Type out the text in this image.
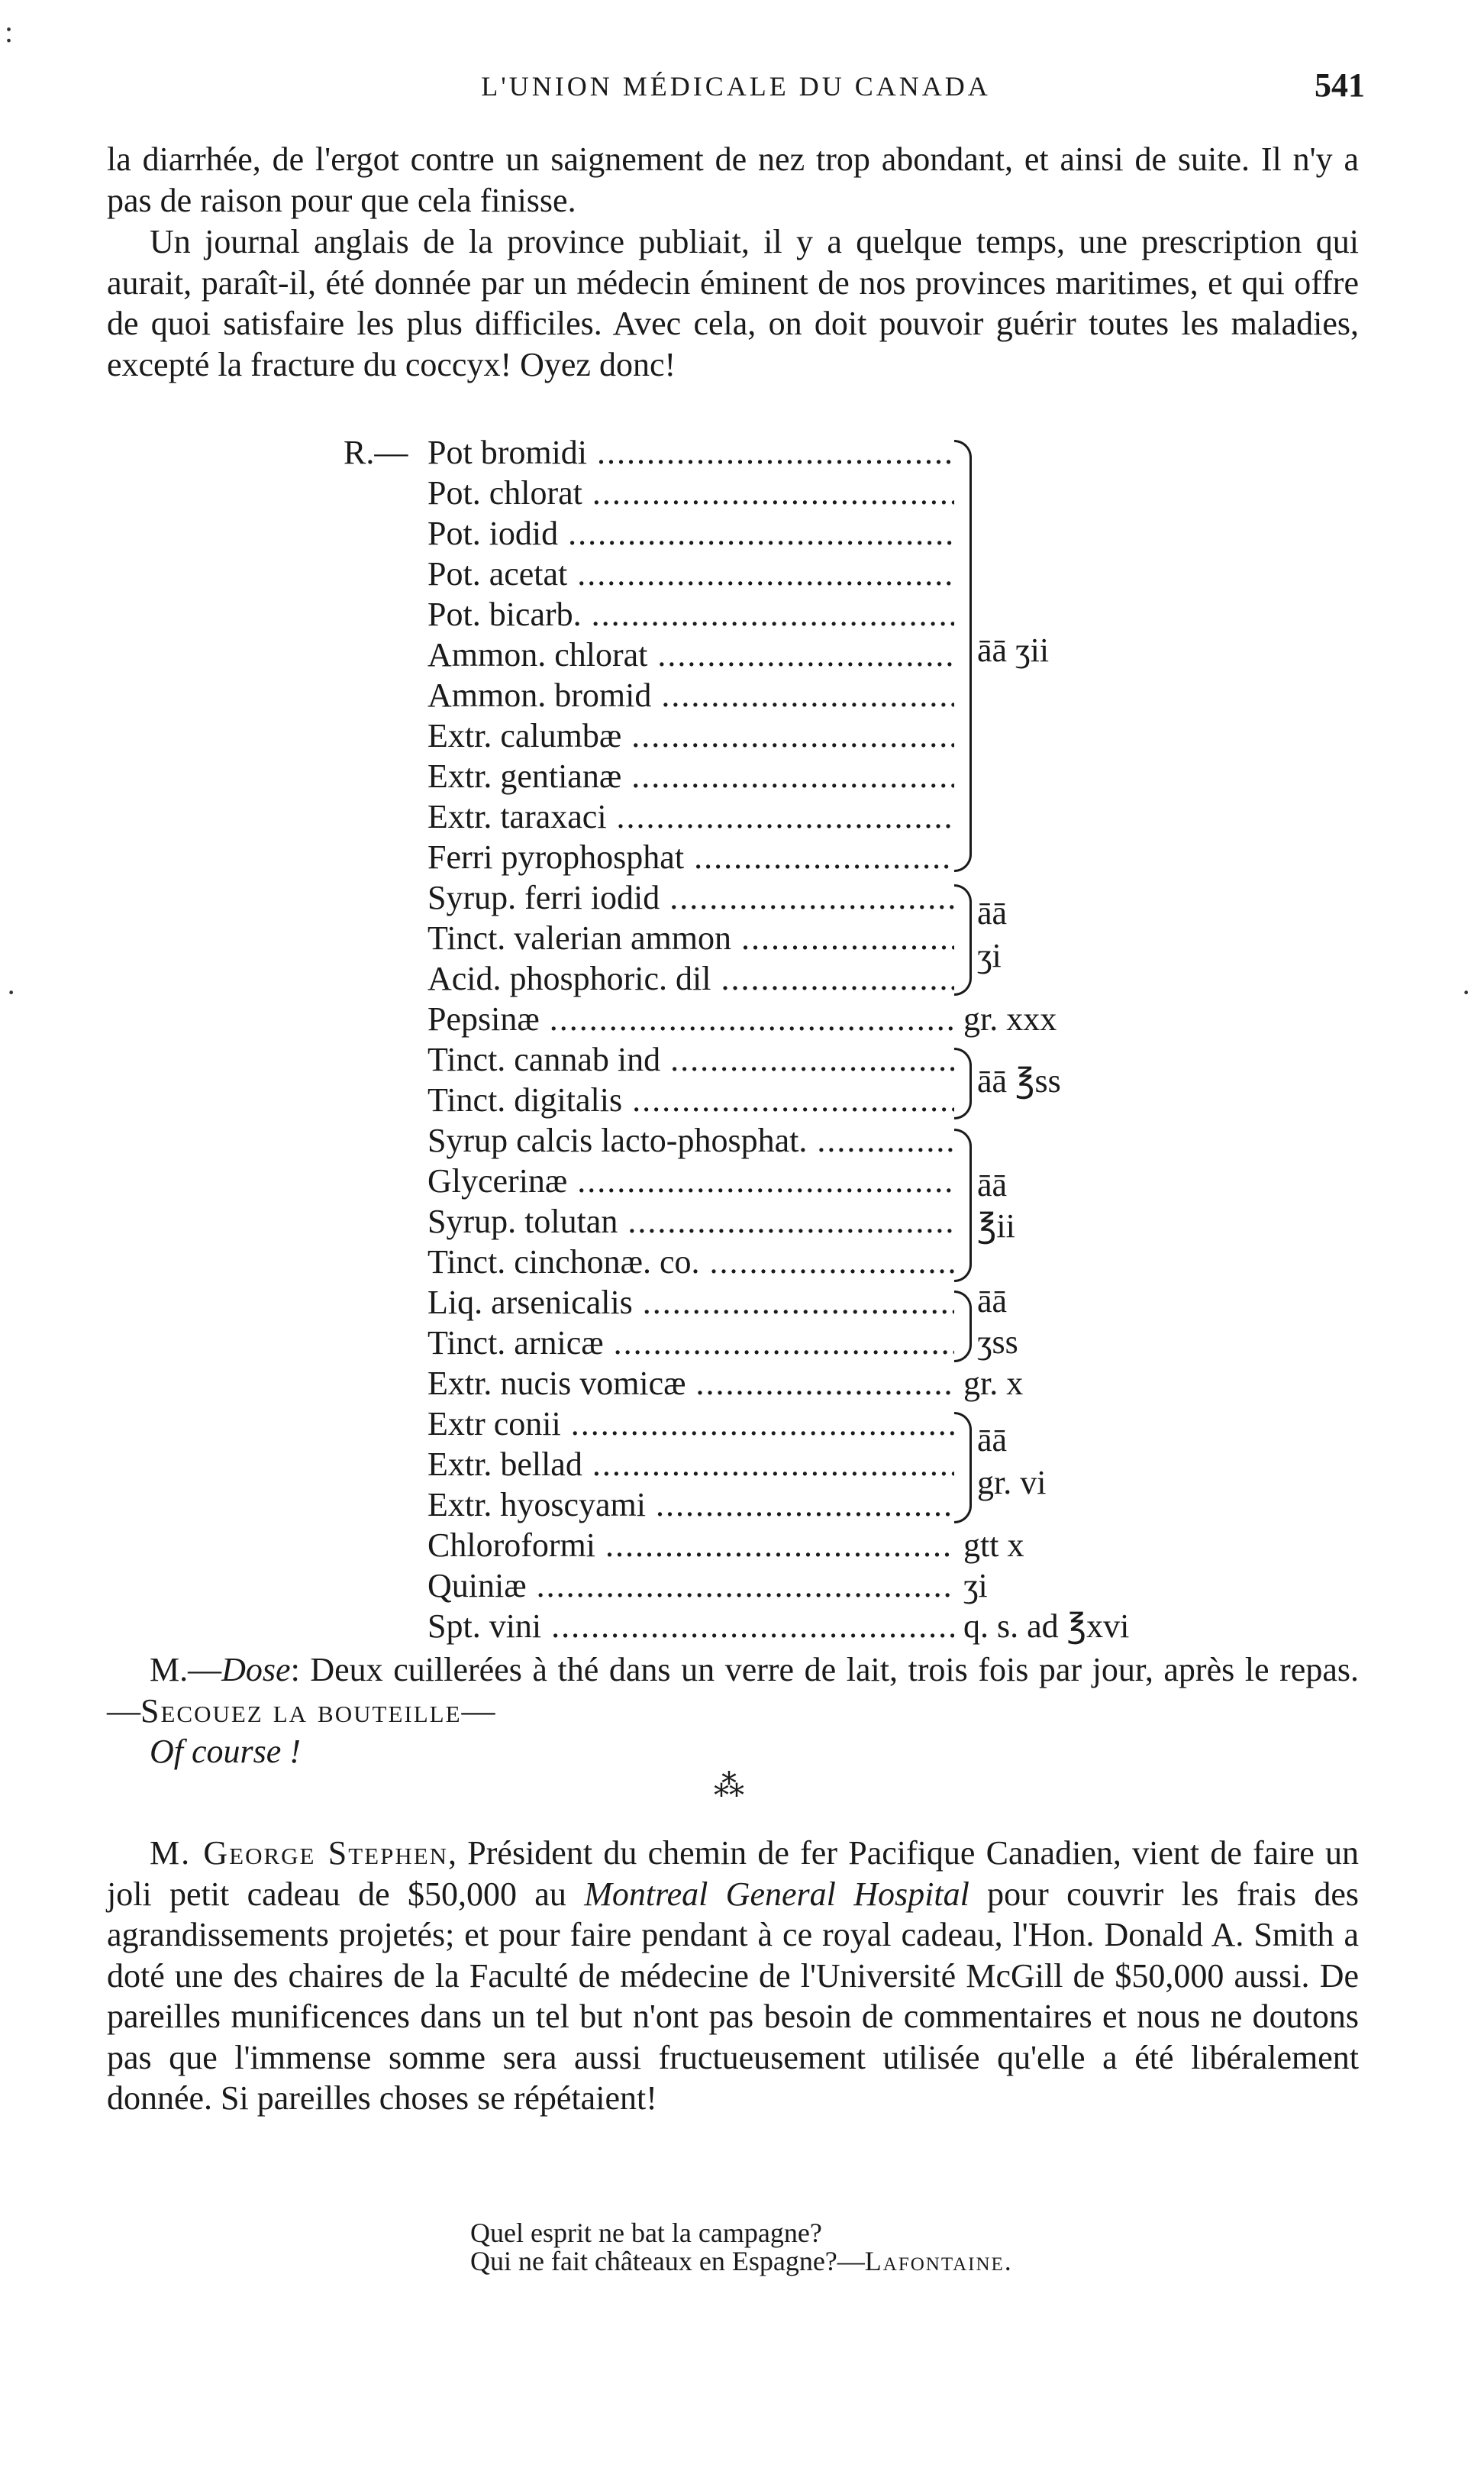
:
·	·
L'UNION MÉDICALE DU CANADA	541

la diarrhée, de l'ergot contre un saignement de nez trop abondant, et ainsi de suite. Il n'y a pas de raison pour que cela finisse.

Un journal anglais de la province publiait, il y a quelque temps, une prescription qui aurait, paraît-il, été donnée par un médecin éminent de nos provinces maritimes, et qui offre de quoi satisfaire les plus difficiles. Avec cela, on doit pouvoir guérir toutes les maladies, excepté la fracture du coccyx! Oyez donc!

R.— Pot bromidi .....
Pot. chlorat .....
Pot. iodid .....
Pot. acetat .....
Pot. bicarb. .....
Ammon. chlorat .....
Ammon. bromid .....
Extr. calumbæ .....
Extr. gentianæ .....
Extr. taraxaci .....
Ferri pyrophosphat .....
āā ʒii
Syrup. ferri iodid .....
Tinct. valerian ammon .....
Acid. phosphoric. dil .....
āā
ʒi
Pepsinæ .....	gr. xxx
Tinct. cannab ind .....
Tinct. digitalis .....
āā ℥ss
Syrup calcis lacto-phosphat. .....
Glycerinæ .....
Syrup. tolutan .....
Tinct. cinchonæ. co. .....
āā
℥ii
Liq. arsenicalis .....
Tinct. arnicæ .....
āā
ʒss
Extr. nucis vomicæ .....	gr. x
Extr conii .....
Extr. bellad .....
Extr. hyoscyami .....
āā
gr. vi
Chloroformi .....	gtt x
Quiniæ .....	ʒi
Spt. vini .....	q. s. ad ℥xvi

M.—Dose: Deux cuillerées à thé dans un verre de lait, trois fois par jour, après le repas.—Secouez la bouteille—
Of course !

⁂

M. George Stephen, Président du chemin de fer Pacifique Canadien, vient de faire un joli petit cadeau de $50,000 au Montreal General Hospital pour couvrir les frais des agrandissements projetés; et pour faire pendant à ce royal cadeau, l'Hon. Donald A. Smith a doté une des chaires de la Faculté de médecine de l'Université McGill de $50,000 aussi. De pareilles munificences dans un tel but n'ont pas besoin de commentaires et nous ne doutons pas que l'immense somme sera aussi fructueusement utilisée qu'elle a été libéralement donnée. Si pareilles choses se répétaient!

Quel esprit ne bat la campagne?
Qui ne fait châteaux en Espagne?—Lafontaine.
